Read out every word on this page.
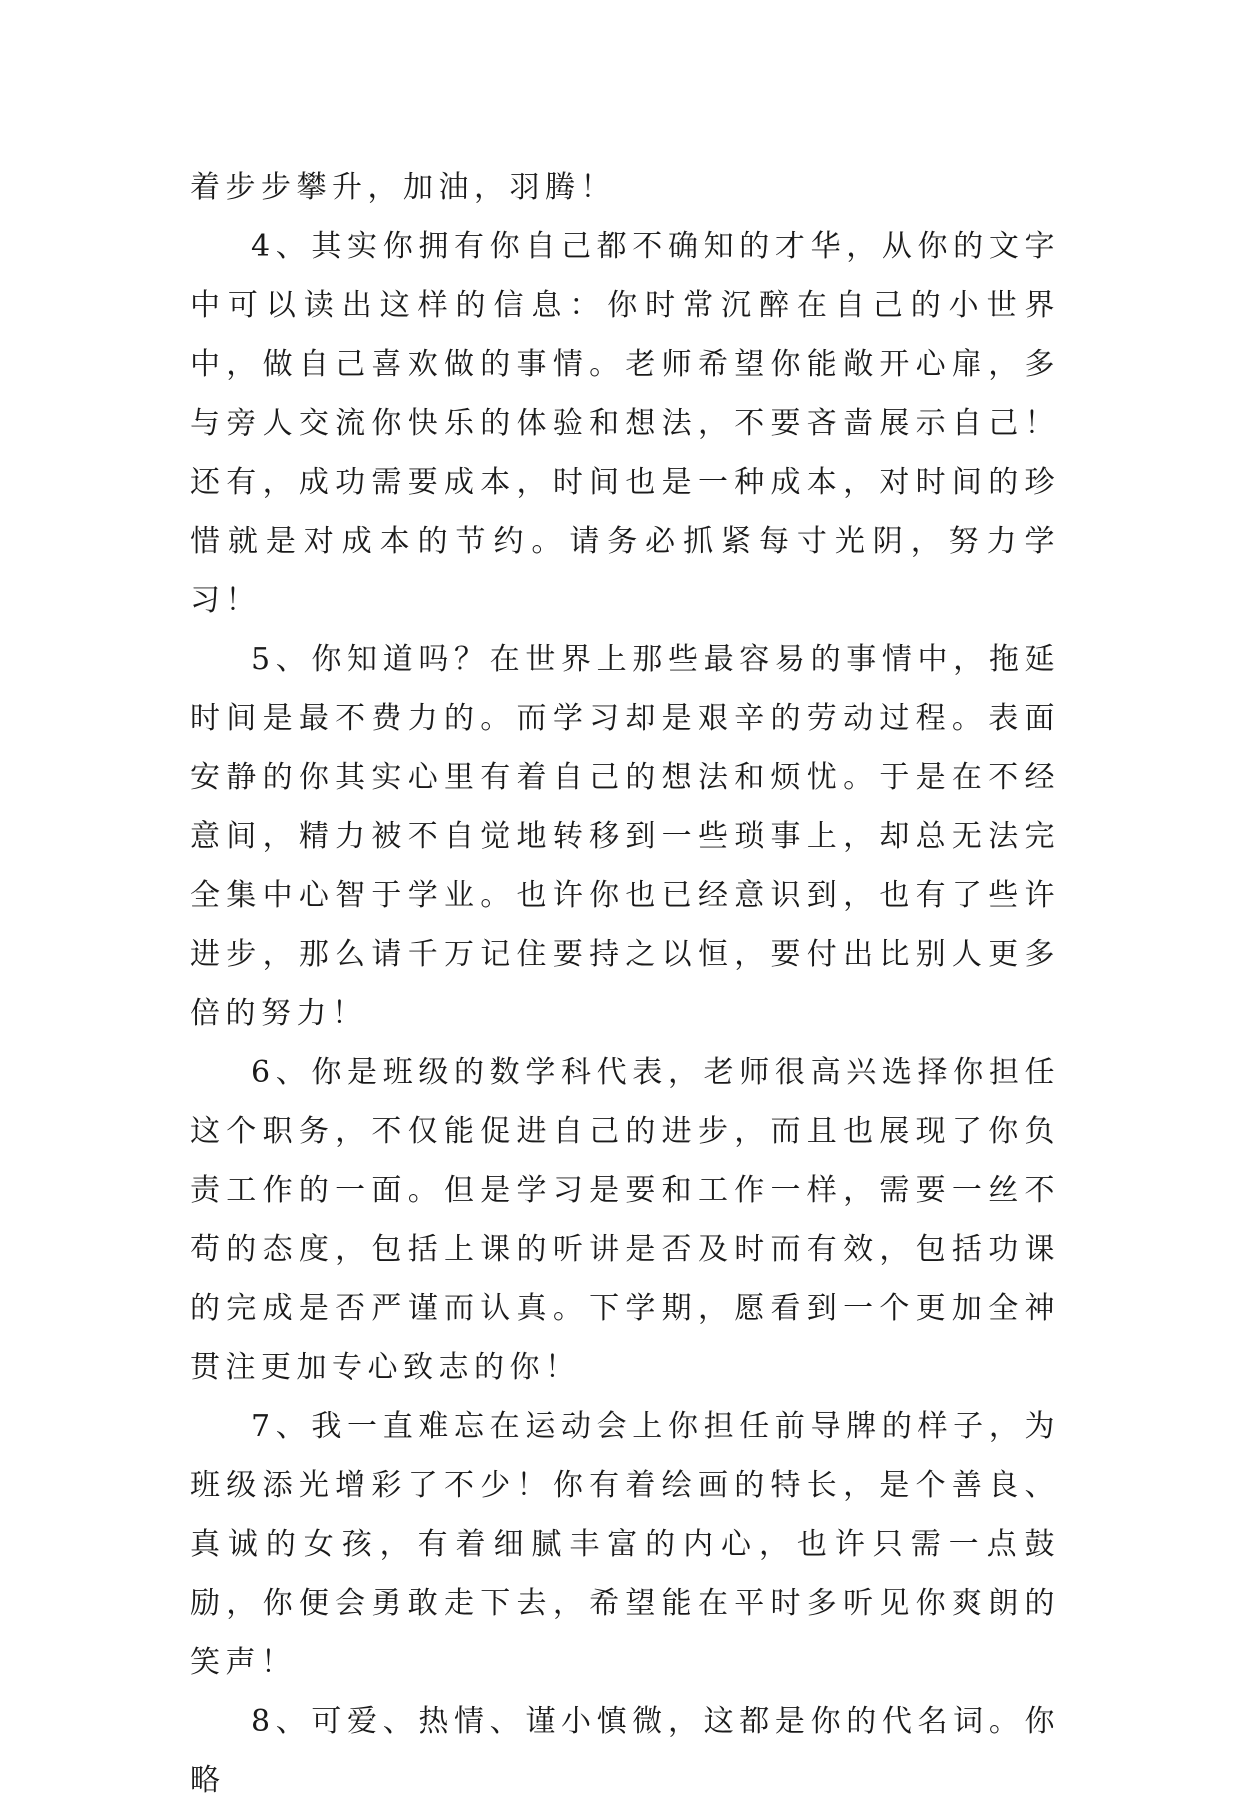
着步步攀升，加油，羽腾！

4、其实你拥有你自己都不确知的才华，从你的文字中可以读出这样的信息：你时常沉醉在自己的小世界中，做自己喜欢做的事情。老师希望你能敞开心扉，多与旁人交流你快乐的体验和想法，不要吝啬展示自己！还有，成功需要成本，时间也是一种成本，对时间的珍惜就是对成本的节约。请务必抓紧每寸光阴，努力学习！

5、你知道吗？在世界上那些最容易的事情中，拖延时间是最不费力的。而学习却是艰辛的劳动过程。表面安静的你其实心里有着自己的想法和烦忧。于是在不经意间，精力被不自觉地转移到一些琐事上，却总无法完全集中心智于学业。也许你也已经意识到，也有了些许进步，那么请千万记住要持之以恒，要付出比别人更多倍的努力！

6、你是班级的数学科代表，老师很高兴选择你担任这个职务，不仅能促进自己的进步，而且也展现了你负责工作的一面。但是学习是要和工作一样，需要一丝不苟的态度，包括上课的听讲是否及时而有效，包括功课的完成是否严谨而认真。下学期，愿看到一个更加全神贯注更加专心致志的你！

7、我一直难忘在运动会上你担任前导牌的样子，为班级添光增彩了不少！你有着绘画的特长，是个善良、真诚的女孩，有着细腻丰富的内心，也许只需一点鼓励，你便会勇敢走下去，希望能在平时多听见你爽朗的笑声！

8、可爱、热情、谨小慎微，这都是你的代名词。你略
